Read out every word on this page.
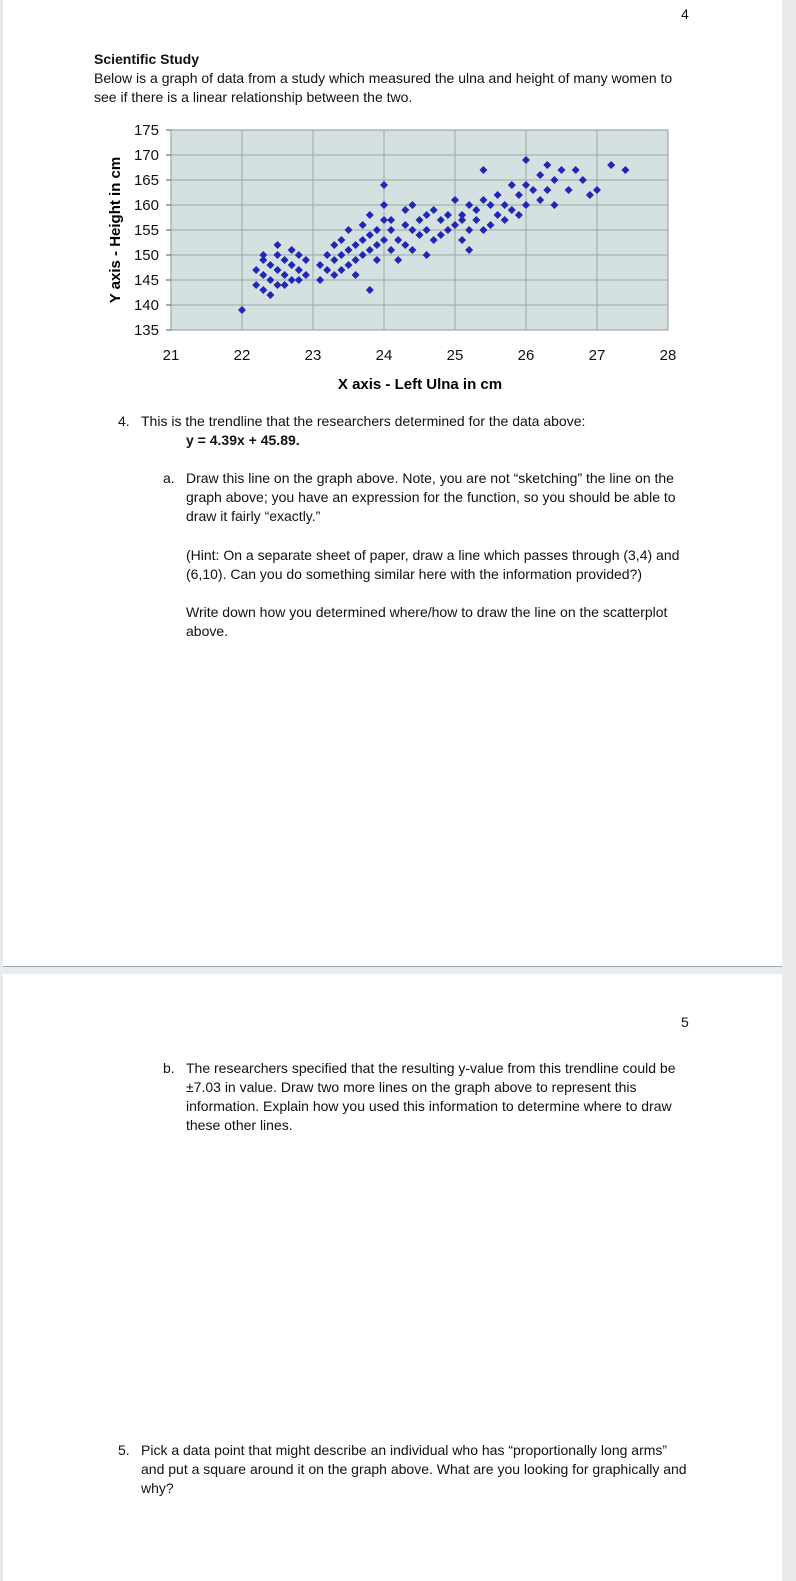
4
Scientific Study
Below is a graph of data from a study which measured the ulna and height of many women to
see if there is a linear relationship between the two.
175
170
165
160
155
150
145
140
135
21	22	23	24	25	26	27	28
X axis - Left Ulna in cm
Y axis - Height in cm
4. This is the trendline that the researchers determined for the data above:
y = 4.39x + 45.89.
a. Draw this line on the graph above. Note, you are not “sketching” the line on the
graph above; you have an expression for the function, so you should be able to
draw it fairly “exactly.”
(Hint: On a separate sheet of paper, draw a line which passes through (3,4) and
(6,10). Can you do something similar here with the information provided?)
Write down how you determined where/how to draw the line on the scatterplot
above.
5
b. The researchers specified that the resulting y-value from this trendline could be
±7.03 in value. Draw two more lines on the graph above to represent this
information. Explain how you used this information to determine where to draw
these other lines.
5. Pick a data point that might describe an individual who has “proportionally long arms”
and put a square around it on the graph above. What are you looking for graphically and
why?
